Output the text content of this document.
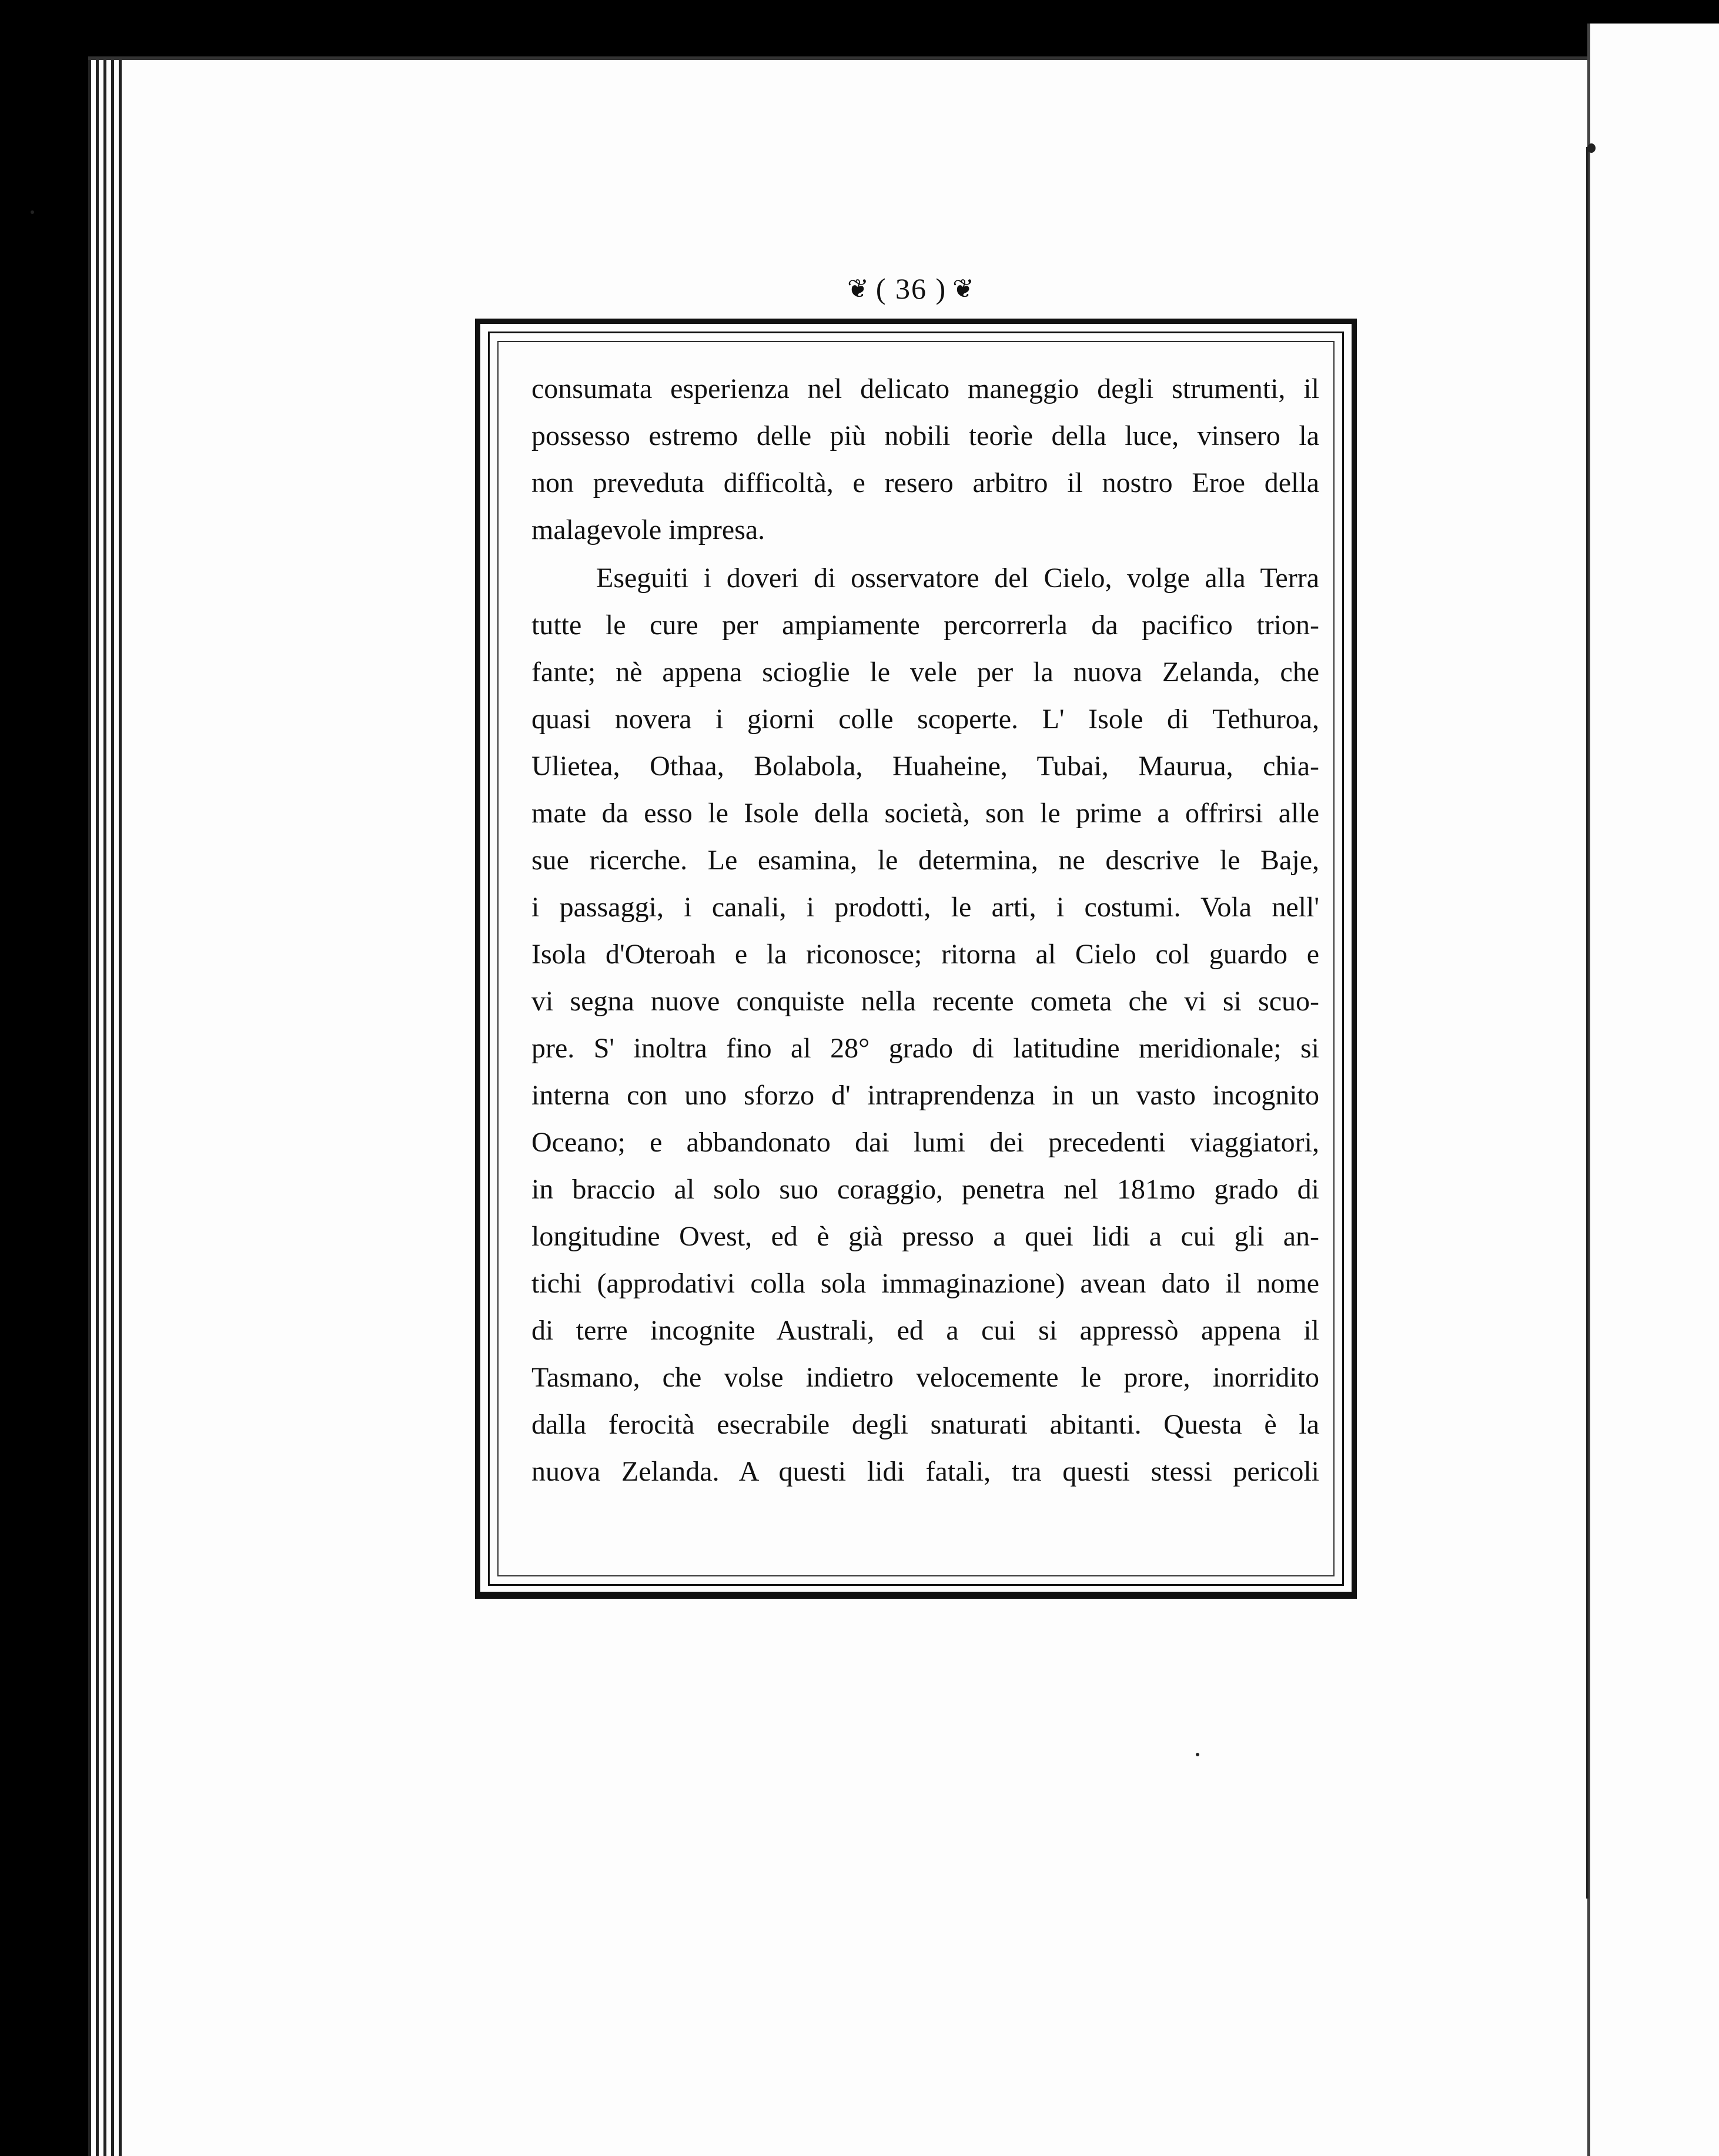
❦ ( 36 ) ❦
consumata esperienza nel delicato maneggio degli strumenti, il
possesso estremo delle più nobili teorìe della luce, vinsero la
non preveduta difficoltà, e resero arbitro il nostro Eroe della
malagevole impresa.
Eseguiti i doveri di osservatore del Cielo, volge alla Terra
tutte le cure per ampiamente percorrerla da pacifico trion-
fante; nè appena scioglie le vele per la nuova Zelanda, che
quasi novera i giorni colle scoperte. L' Isole di Tethuroa,
Ulietea, Othaa, Bolabola, Huaheine, Tubai, Maurua, chia-
mate da esso le Isole della società, son le prime a offrirsi alle
sue ricerche. Le esamina, le determina, ne descrive le Baje,
i passaggi, i canali, i prodotti, le arti, i costumi. Vola nell'
Isola d'Oteroah e la riconosce; ritorna al Cielo col guardo e
vi segna nuove conquiste nella recente cometa che vi si scuo-
pre. S' inoltra fino al 28° grado di latitudine meridionale; si
interna con uno sforzo d' intraprendenza in un vasto incognito
Oceano; e abbandonato dai lumi dei precedenti viaggiatori,
in braccio al solo suo coraggio, penetra nel 181mo grado di
longitudine Ovest, ed è già presso a quei lidi a cui gli an-
tichi (approdativi colla sola immaginazione) avean dato il nome
di terre incognite Australi, ed a cui si appressò appena il
Tasmano, che volse indietro velocemente le prore, inorridito
dalla ferocità esecrabile degli snaturati abitanti. Questa è la
nuova Zelanda. A questi lidi fatali, tra questi stessi pericoli
